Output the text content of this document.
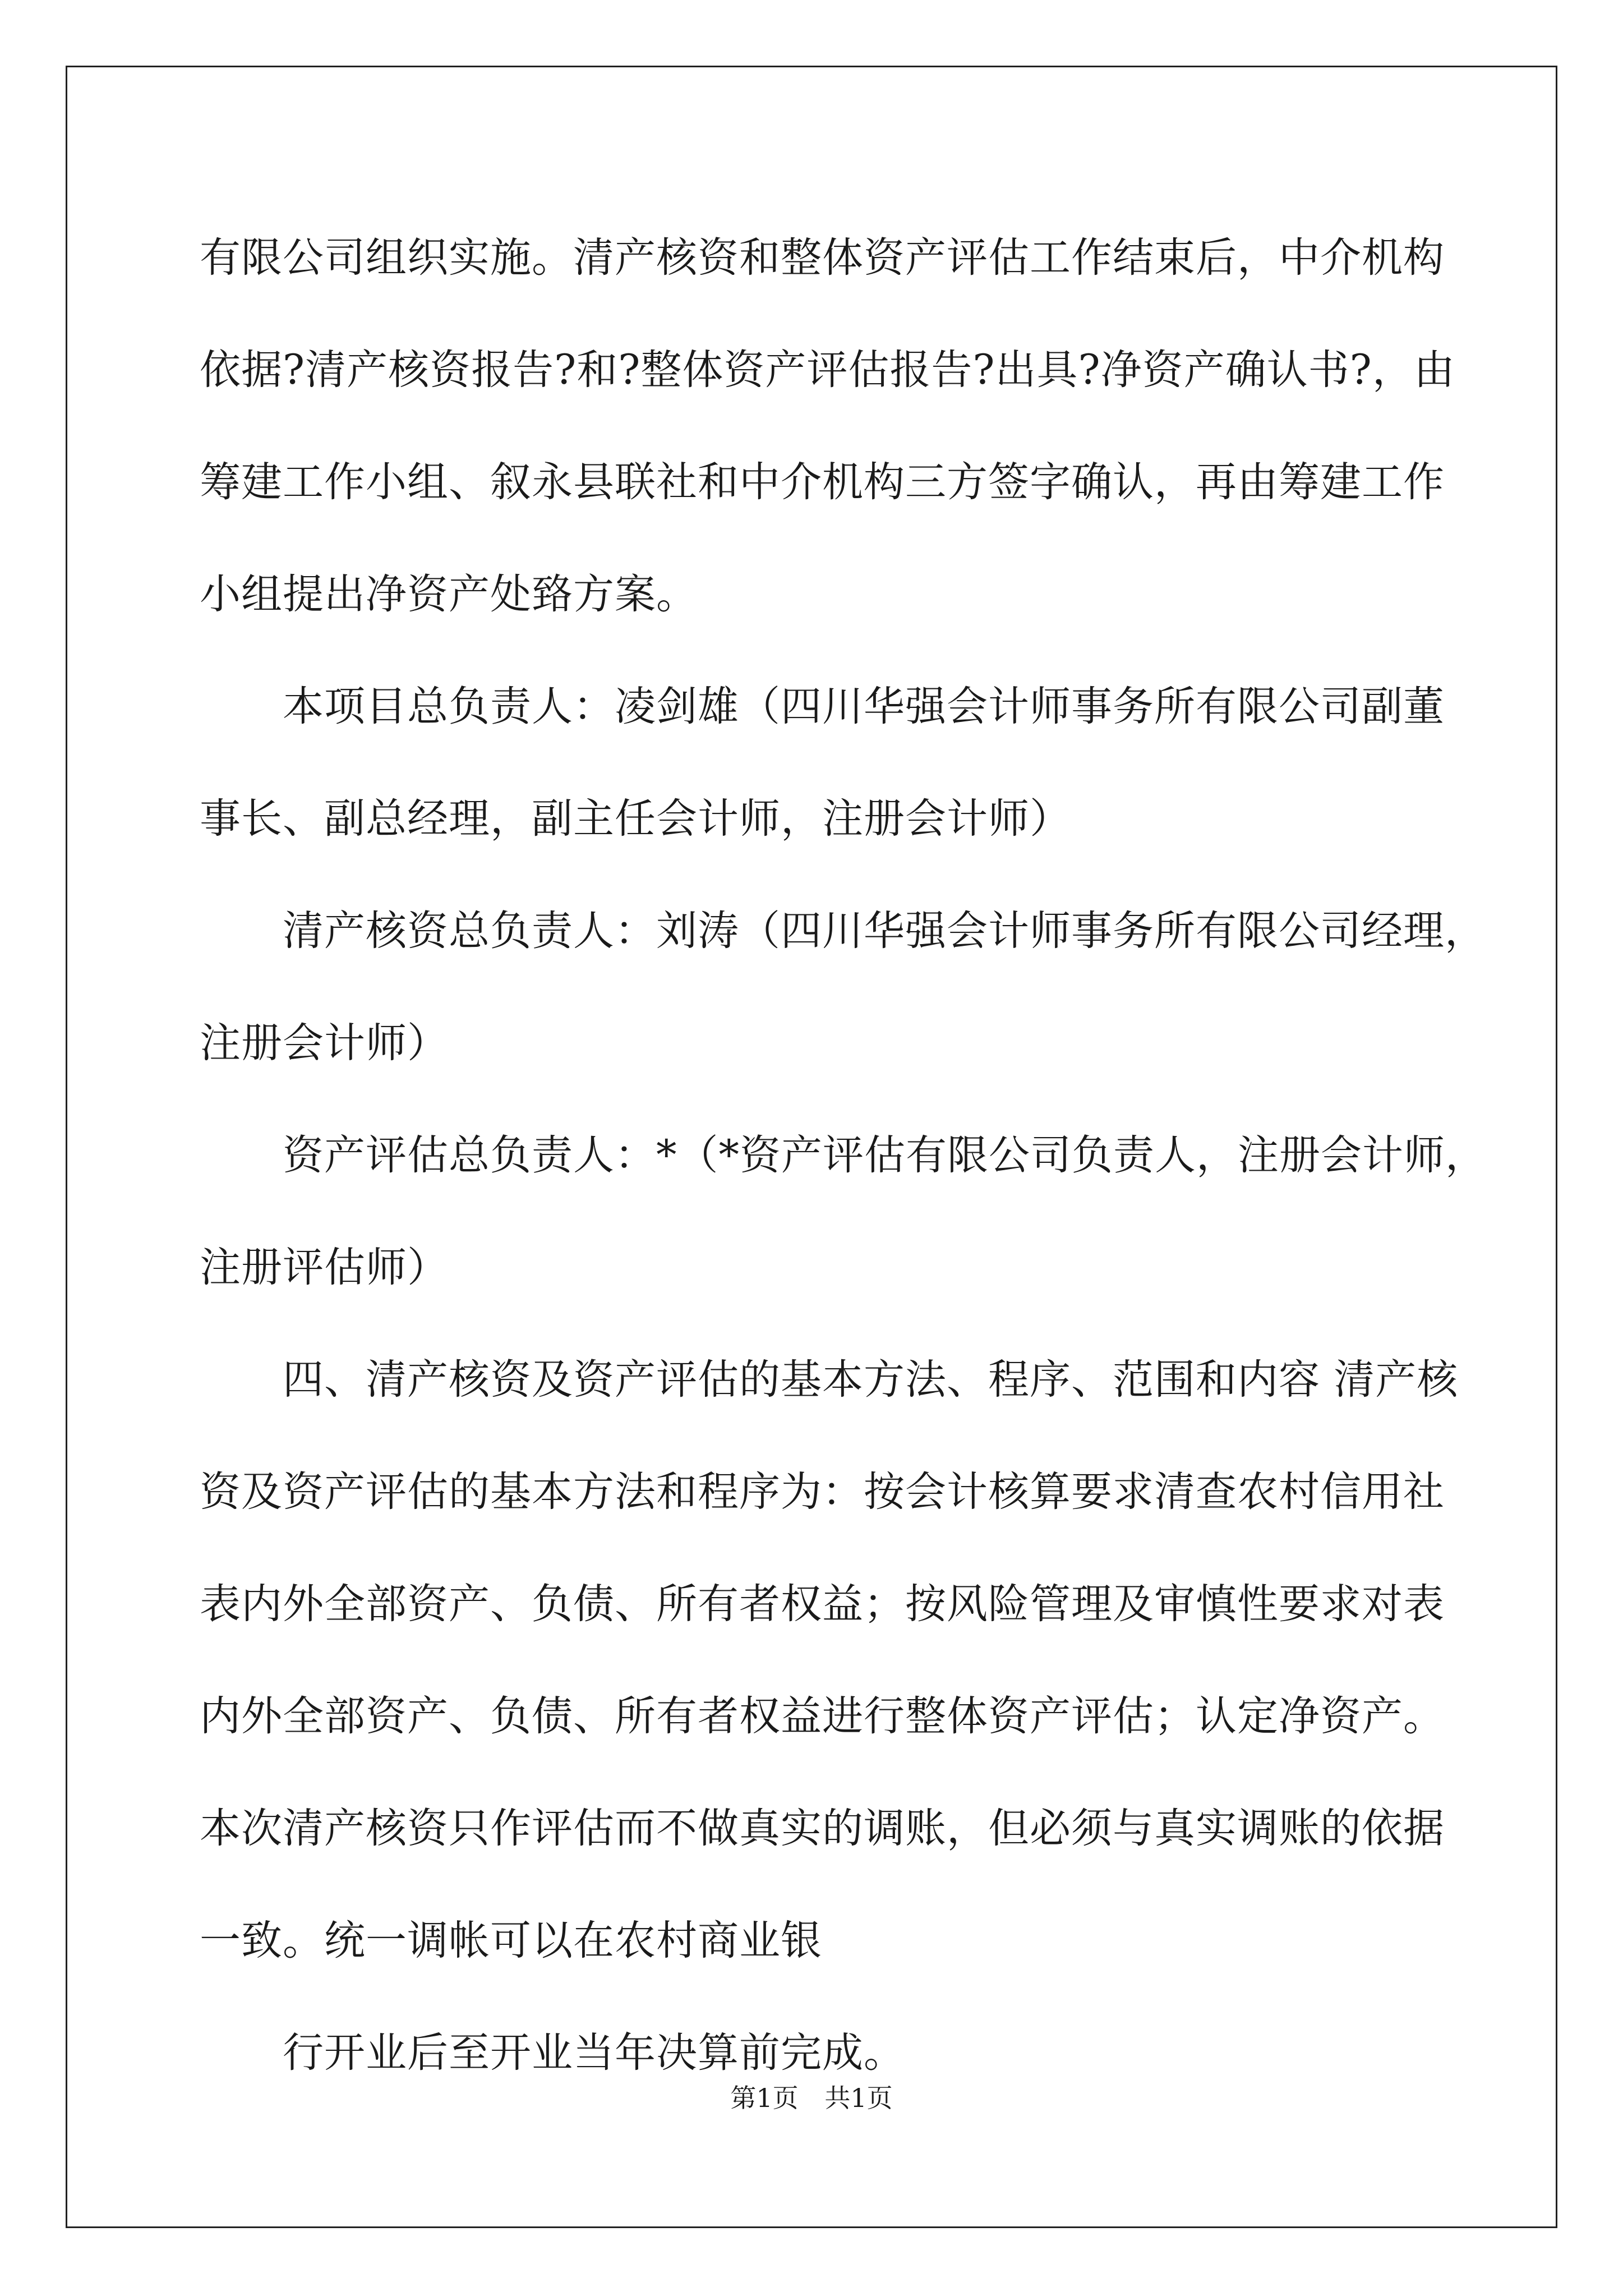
有限公司组织实施。清产核资和整体资产评估工作结束后，中介机构
依据?清产核资报告?和?整体资产评估报告?出具?净资产确认书?，由
筹建工作小组、叙永县联社和中介机构三方签字确认，再由筹建工作
小组提出净资产处臵方案。
本项目总负责人：凌剑雄（四川华强会计师事务所有限公司副董
事长、副总经理，副主任会计师，注册会计师）
清产核资总负责人：刘涛（四川华强会计师事务所有限公司经理，
注册会计师）
资产评估总负责人：*（*资产评估有限公司负责人，注册会计师，
注册评估师）
四、清产核资及资产评估的基本方法、程序、范围和内容 清产核
资及资产评估的基本方法和程序为：按会计核算要求清查农村信用社
表内外全部资产、负债、所有者权益；按风险管理及审慎性要求对表
内外全部资产、负债、所有者权益进行整体资产评估；认定净资产。
本次清产核资只作评估而不做真实的调账，但必须与真实调账的依据
一致。统一调帐可以在农村商业银
行开业后至开业当年决算前完成。
第1页 共1页
